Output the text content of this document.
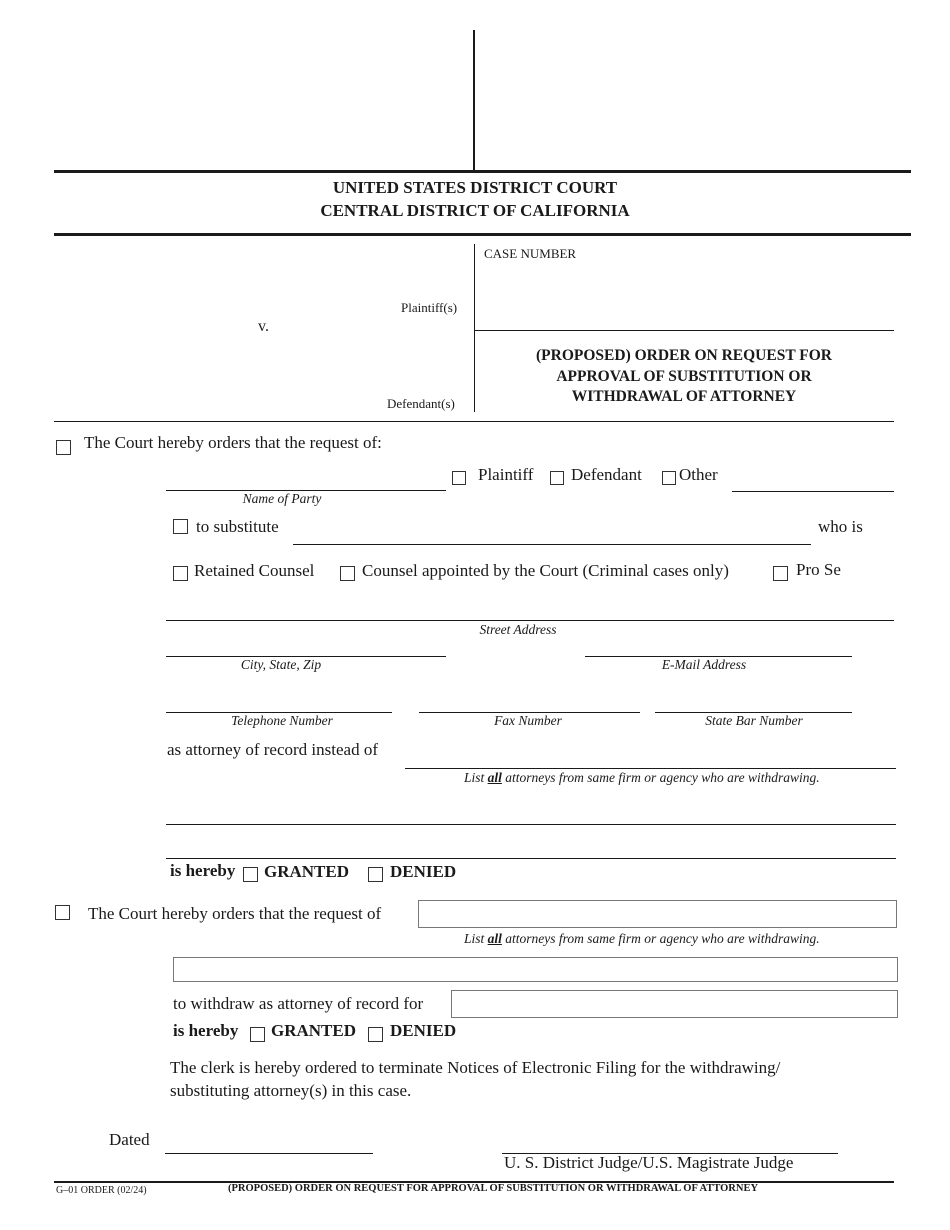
UNITED STATES DISTRICT COURT
CENTRAL DISTRICT OF CALIFORNIA
CASE NUMBER
Plaintiff(s)
v.
Defendant(s)
(PROPOSED) ORDER ON REQUEST FOR
APPROVAL OF SUBSTITUTION OR
WITHDRAWAL OF ATTORNEY
The Court hereby orders that the request of:
Name of Party
Plaintiff Defendant Other
to substitute	who is
Retained Counsel	Counsel appointed by the Court (Criminal cases only)	Pro Se
Street Address
City, State, Zip	E-Mail Address
Telephone Number	Fax Number	State Bar Number
as attorney of record instead of
List all attorneys from same firm or agency who are withdrawing.
is hereby GRANTED DENIED
The Court hereby orders that the request of
List all attorneys from same firm or agency who are withdrawing.
to withdraw as attorney of record for
is hereby GRANTED DENIED
The clerk is hereby ordered to terminate Notices of Electronic Filing for the withdrawing/
substituting attorney(s) in this case.
Dated
U. S. District Judge/U.S. Magistrate Judge
G–01 ORDER (02/24)	(PROPOSED) ORDER ON REQUEST FOR APPROVAL OF SUBSTITUTION OR WITHDRAWAL OF ATTORNEY
